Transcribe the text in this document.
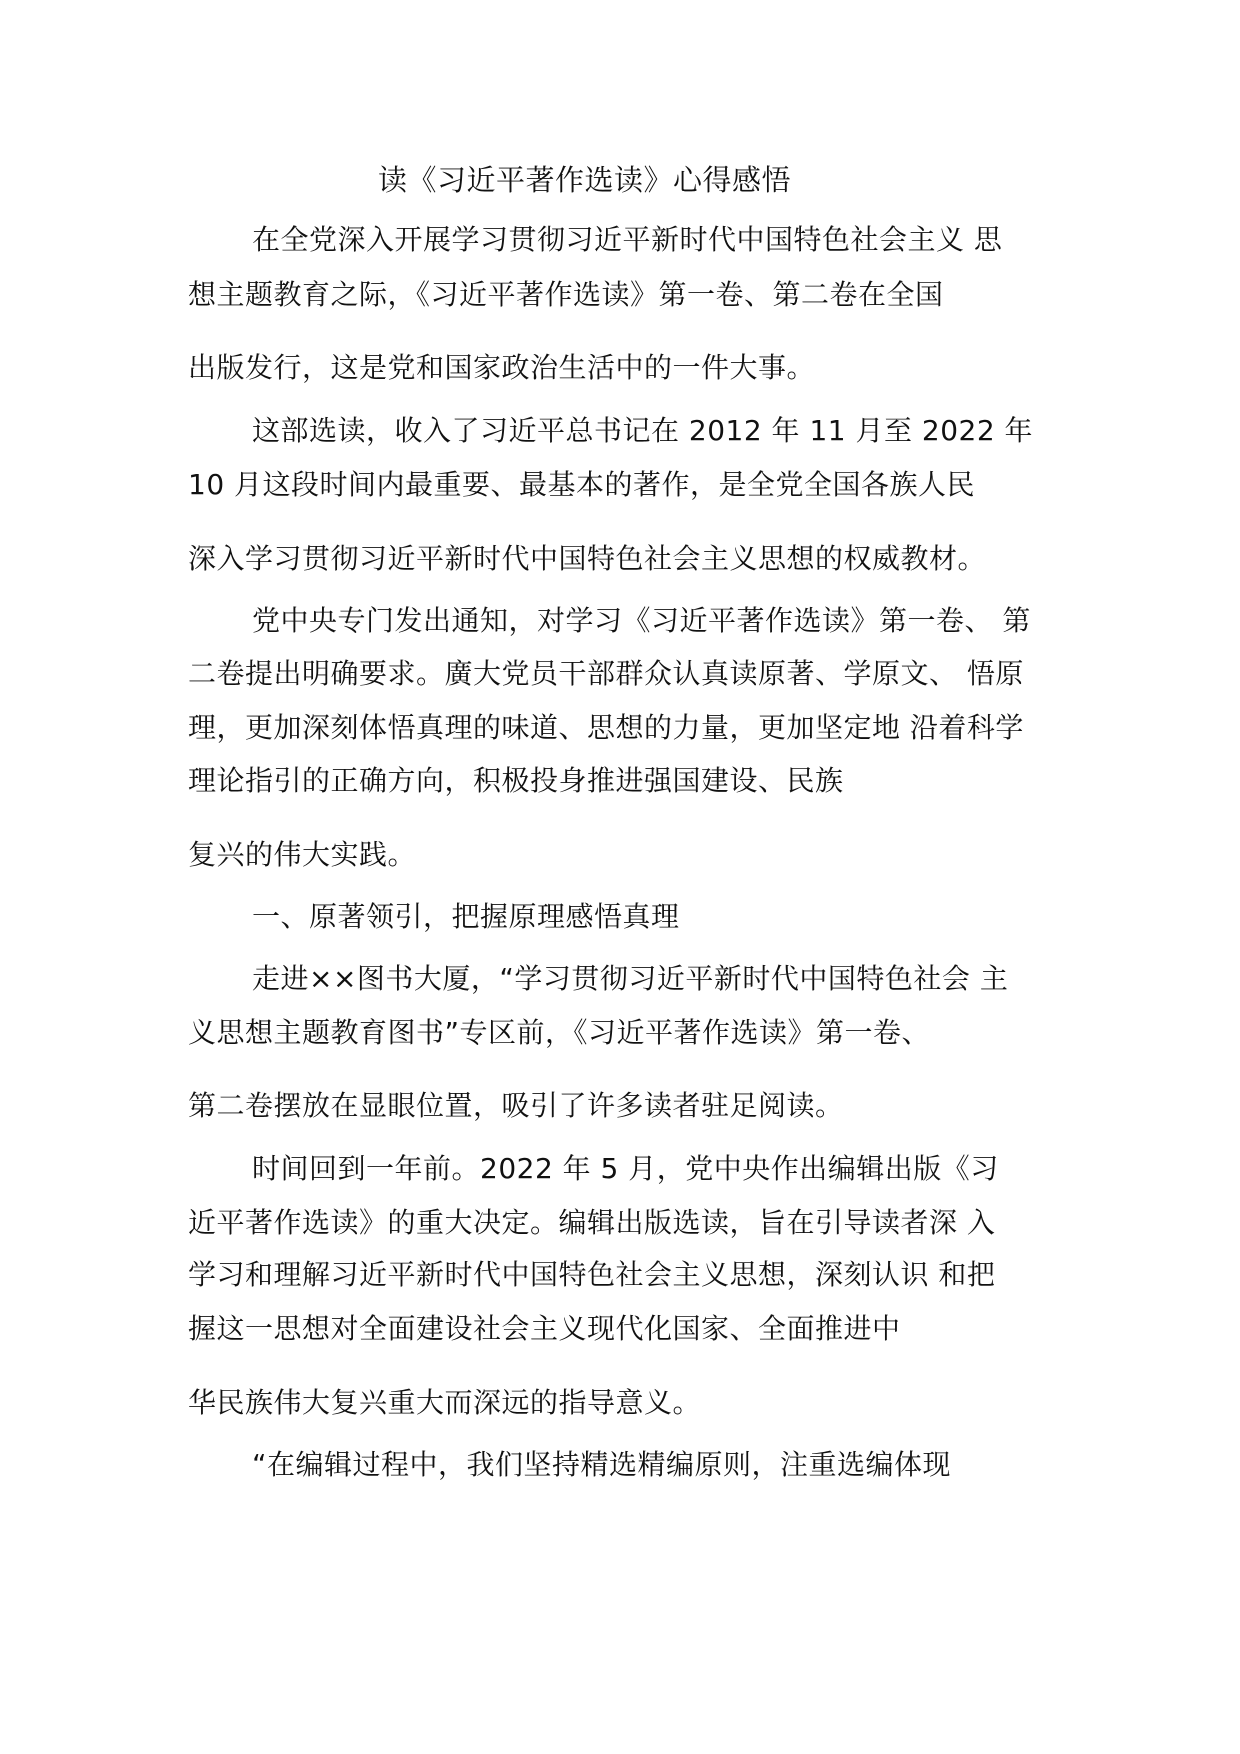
读《习近平著作选读》心得感悟
在全党深入开展学习贯彻习近平新时代中国特色社会主义 思
想主题教育之际，《习近平著作选读》第一卷、第二卷在全国
出版发行，这是党和国家政治生活中的一件大事。
这部选读，收入了习近平总书记在 2012 年 11 月至 2022 年
10 月这段时间内最重要、最基本的著作，是全党全国各族人民
深入学习贯彻习近平新时代中国特色社会主义思想的权威教材。
党中央专门发出通知，对学习《习近平著作选读》第一卷、 第
二卷提出明确要求。廣大党员干部群众认真读原著、学原文、 悟原
理，更加深刻体悟真理的味道、思想的力量，更加坚定地 沿着科学
理论指引的正确方向，积极投身推进强国建设、民族
复兴的伟大实践。
一、原著领引，把握原理感悟真理
走进××图书大厦，“学习贯彻习近平新时代中国特色社会 主
义思想主题教育图书”专区前，《习近平著作选读》第一卷、
第二卷摆放在显眼位置，吸引了许多读者驻足阅读。
时间回到一年前。2022 年 5 月，党中央作出编辑出版《习
近平著作选读》的重大决定。编辑出版选读，旨在引导读者深 入
学习和理解习近平新时代中国特色社会主义思想，深刻认识 和把
握这一思想对全面建设社会主义现代化国家、全面推进中
华民族伟大复兴重大而深远的指导意义。
“在编辑过程中，我们坚持精选精编原则，注重选编体现
